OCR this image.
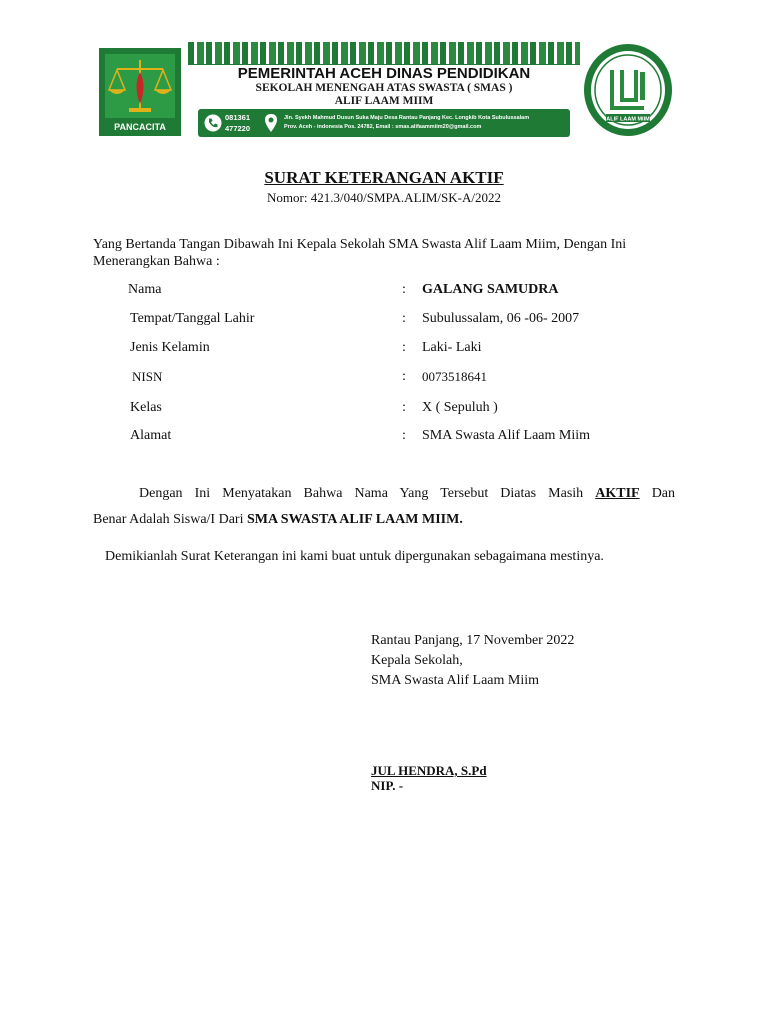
PANCACITA
PEMERINTAH ACEH DINAS PENDIDIKAN
SEKOLAH MENENGAH ATAS SWASTA ( SMAS )
ALIF LAAM MIIM
081361
477220
Jln. Syekh Mahmud Dusun Suka Maju Desa Rantau Panjang Kec. Longkib Kota Subulussalam
Prov. Aceh - indonesia Pos. 24782, Email : smas.alifaammiim20@gmail.com
ALIF LAAM MIIM
SURAT KETERANGAN AKTIF
Nomor: 421.3/040/SMPA.ALIM/SK-A/2022
Yang Bertanda Tangan Dibawah Ini Kepala Sekolah SMA Swasta Alif Laam Miim, Dengan Ini Menerangkan Bahwa :
Nama	: GALANG SAMUDRA
Tempat/Tanggal Lahir	: Subulussalam, 06 -06- 2007
Jenis Kelamin	: Laki- Laki
NISN	: 0073518641
Kelas	: X ( Sepuluh )
Alamat	: SMA Swasta Alif Laam Miim
Dengan Ini Menyatakan Bahwa Nama Yang Tersebut Diatas Masih AKTIF Dan
Benar Adalah Siswa/I Dari SMA SWASTA ALIF LAAM MIIM.
Demikianlah Surat Keterangan ini kami buat untuk dipergunakan sebagaimana mestinya.
Rantau Panjang, 17 November 2022
Kepala Sekolah,
SMA Swasta Alif Laam Miim
JUL HENDRA, S.Pd
NIP. -
